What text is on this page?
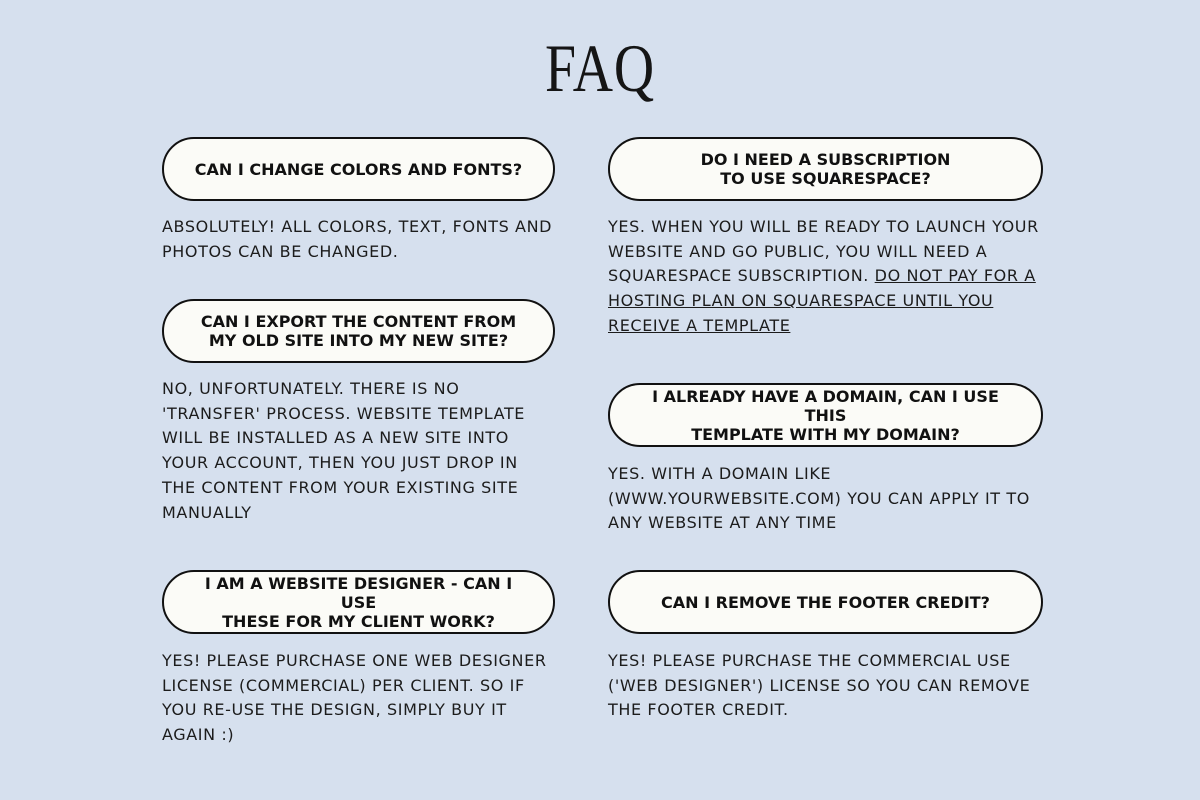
FAQ
CAN I CHANGE COLORS AND FONTS?
ABSOLUTELY! ALL COLORS, TEXT, FONTS AND
PHOTOS CAN BE CHANGED.
CAN I EXPORT THE CONTENT FROM
MY OLD SITE INTO MY NEW SITE?
NO, UNFORTUNATELY. THERE IS NO
'TRANSFER' PROCESS. WEBSITE TEMPLATE
WILL BE INSTALLED AS A NEW SITE INTO
YOUR ACCOUNT, THEN YOU JUST DROP IN
THE CONTENT FROM YOUR EXISTING SITE
MANUALLY
I AM A WEBSITE DESIGNER - CAN I USE
THESE FOR MY CLIENT WORK?
YES! PLEASE PURCHASE ONE WEB DESIGNER
LICENSE (COMMERCIAL) PER CLIENT. SO IF
YOU RE-USE THE DESIGN, SIMPLY BUY IT
AGAIN :)
DO I NEED A SUBSCRIPTION
TO USE SQUARESPACE?
YES. WHEN YOU WILL BE READY TO LAUNCH YOUR
WEBSITE AND GO PUBLIC, YOU WILL NEED A
SQUARESPACE SUBSCRIPTION. DO NOT PAY FOR A
HOSTING PLAN ON SQUARESPACE UNTIL YOU
RECEIVE A TEMPLATE
I ALREADY HAVE A DOMAIN, CAN I USE THIS
TEMPLATE WITH MY DOMAIN?
YES. WITH A DOMAIN LIKE
(WWW.YOURWEBSITE.COM) YOU CAN APPLY IT TO
ANY WEBSITE AT ANY TIME
CAN I REMOVE THE FOOTER CREDIT?
YES! PLEASE PURCHASE THE COMMERCIAL USE
('WEB DESIGNER') LICENSE SO YOU CAN REMOVE
THE FOOTER CREDIT.
